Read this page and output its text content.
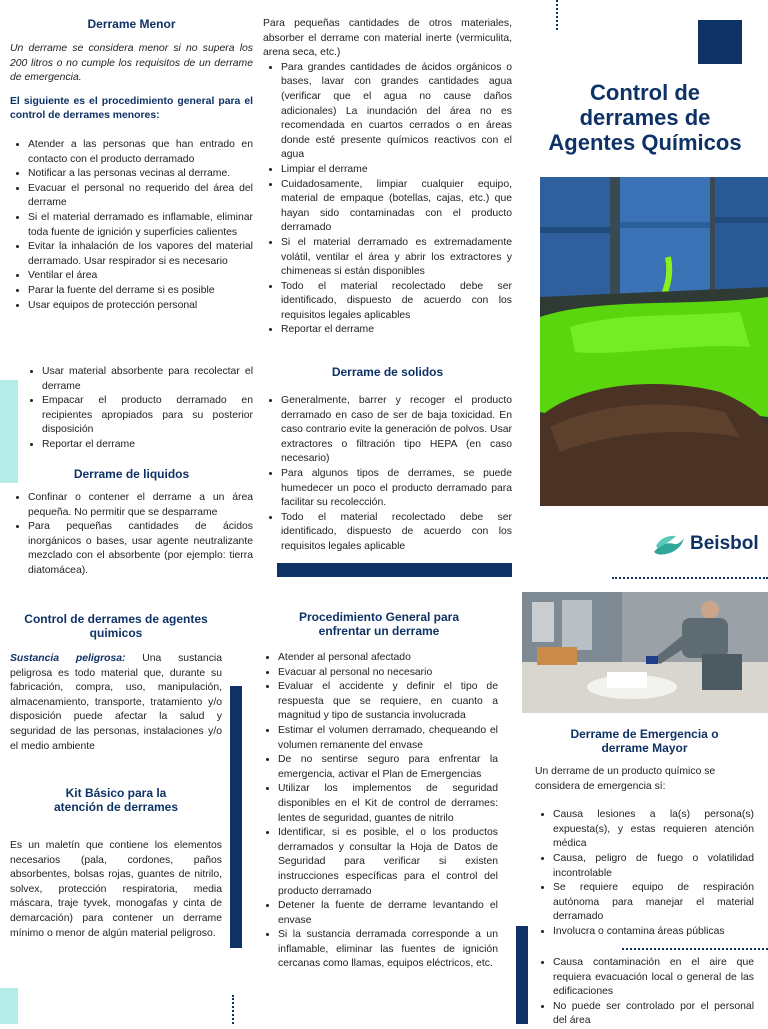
Derrame Menor

Un derrame se considera menor si no supera los 200 litros o no cumple los requisitos de un derrame de emergencia.
El siguiente es el procedimiento general para el control de derrames menores:
• Atender a las personas que han entrado en contacto con el producto derramado
• Notificar a las personas vecinas al derrame.
• Evacuar el personal no requerido del área del derrame
• Si el material derramado es inflamable, eliminar toda fuente de ignición y superficies calientes
• Evitar la inhalación de los vapores del material derramado. Usar respirador si es necesario
• Ventilar el área
• Parar la fuente del derrame si es posible
• Usar equipos de protección personal
• Usar material absorbente para recolectar el derrame
• Empacar el producto derramado en recipientes apropiados para su posterior disposición
• Reportar el derrame

Derrame de liquidos

• Confinar o contener el derrame a un área pequeña. No permitir que se desparrame
• Para pequeñas cantidades de ácidos inorgánicos o bases, usar agente neutralizante mezclado con el absorbente (por ejemplo: tierra diatomácea).
Para pequeñas cantidades de otros materiales, absorber el derrame con material inerte (vermiculita, arena seca, etc.)
• Para grandes cantidades de ácidos orgánicos o bases, lavar con grandes cantidades agua (verificar que el agua no cause daños adicionales) La inundación del área no es recomendada en cuartos cerrados o en áreas donde esté presente químicos reactivos con el agua
• Limpiar el derrame
• Cuidadosamente, limpiar cualquier equipo, material de empaque (botellas, cajas, etc.) que hayan sido contaminadas con el producto derramado
• Si el material derramado es extremadamente volátil, ventilar el área y abrir los extractores y chimeneas si están disponibles
• Todo el material recolectado debe ser identificado, dispuesto de acuerdo con los requisitos legales aplicables
• Reportar el derrame

Derrame de solidos

• Generalmente, barrer y recoger el producto derramado en caso de ser de baja toxicidad. En caso contrario evite la generación de polvos. Usar extractores o filtración tipo HEPA (en caso necesario)
• Para algunos tipos de derrames, se puede humedecer un poco el producto derramado para facilitar su recolección.
• Todo el material recolectado debe ser identificado, dispuesto de acuerdo con los requisitos legales aplicable
Control de derrames de Agentes Químicos
Beisbol

Control de derrames de agentes quimicos

Sustancia peligrosa: Una sustancia peligrosa es todo material que, durante su fabricación, compra, uso, manipulación, almacenamiento, transporte, tratamiento y/o disposición puede afectar la salud y seguridad de las personas, instalaciones y/o el medio ambiente

Kit Básico para la atención de derrames

Es un maletín que contiene los elementos necesarios (pala, cordones, paños absorbentes, bolsas rojas, guantes de nitrilo, solvex, protección respiratoria, media máscara, traje tyvek, monogafas y cinta de demarcación) para contener un derrame mínimo o menor de algún material peligroso.

Procedimiento General para enfrentar un derrame

• Atender al personal afectado
• Evacuar al personal no necesario
• Evaluar el accidente y definir el tipo de respuesta que se requiere, en cuanto a magnitud y tipo de sustancia involucrada
• Estimar el volumen derramado, chequeando el volumen remanente del envase
• De no sentirse seguro para enfrentar la emergencia, activar el Plan de Emergencias
• Utilizar los implementos de seguridad disponibles en el Kit de control de derrames: lentes de seguridad, guantes de nitrilo
• Identificar, si es posible, el o los productos derramados y consultar la Hoja de Datos de Seguridad para verificar si existen instrucciones específicas para el control del producto derramado
• Detener la fuente de derrame levantando el envase
• Si la sustancia derramada corresponde a un inflamable, eliminar las fuentes de ignición cercanas como llamas, equipos eléctricos, etc.

Derrame de Emergencia o derrame Mayor

Un derrame de un producto químico se considera de emergencia sí:
• Causa lesiones a la(s) persona(s) expuesta(s), y estas requieren atención médica
• Causa, peligro de fuego o volatilidad incontrolable
• Se requiere equipo de respiración autónoma para manejar el material derramado
• Involucra o contamina áreas públicas
• Causa contaminación en el aire que requiera evacuación local o general de las edificaciones
• No puede ser controlado por el personal del área
